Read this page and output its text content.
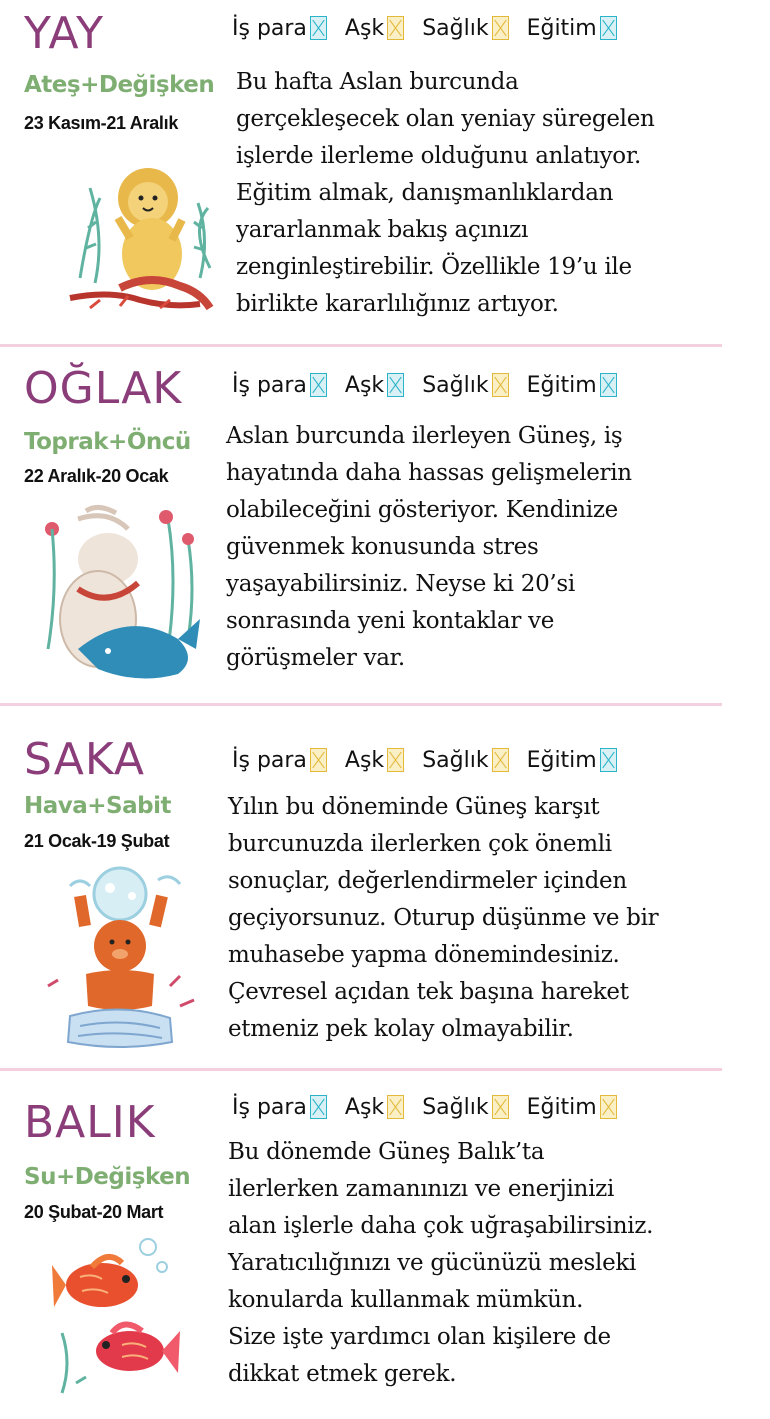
YAY
Ateş+Değişken
23 Kasım-21 Aralık
İş para Aşk Sağlık Eğitim
Bu hafta Aslan burcunda
gerçekleşecek olan yeniay süregelen
işlerde ilerleme olduğunu anlatıyor.
Eğitim almak, danışmanlıklardan
yararlanmak bakış açınızı
zenginleştirebilir. Özellikle 19’u ile
birlikte kararlılığınız artıyor.
OĞLAK
Toprak+Öncü
22 Aralık-20 Ocak
İş para Aşk Sağlık Eğitim
Aslan burcunda ilerleyen Güneş, iş
hayatında daha hassas gelişmelerin
olabileceğini gösteriyor. Kendinize
güvenmek konusunda stres
yaşayabilirsiniz. Neyse ki 20’si
sonrasında yeni kontaklar ve
görüşmeler var.
SAKA
Hava+Sabit
21 Ocak-19 Şubat
İş para Aşk Sağlık Eğitim
Yılın bu döneminde Güneş karşıt
burcunuzda ilerlerken çok önemli
sonuçlar, değerlendirmeler içinden
geçiyorsunuz. Oturup düşünme ve bir
muhasebe yapma dönemindesiniz.
Çevresel açıdan tek başına hareket
etmeniz pek kolay olmayabilir.
BALIK
Su+Değişken
20 Şubat-20 Mart
İş para Aşk Sağlık Eğitim
Bu dönemde Güneş Balık’ta
ilerlerken zamanınızı ve enerjinizi
alan işlerle daha çok uğraşabilirsiniz.
Yaratıcılığınızı ve gücünüzü mesleki
konularda kullanmak mümkün.
Size işte yardımcı olan kişilere de
dikkat etmek gerek.
